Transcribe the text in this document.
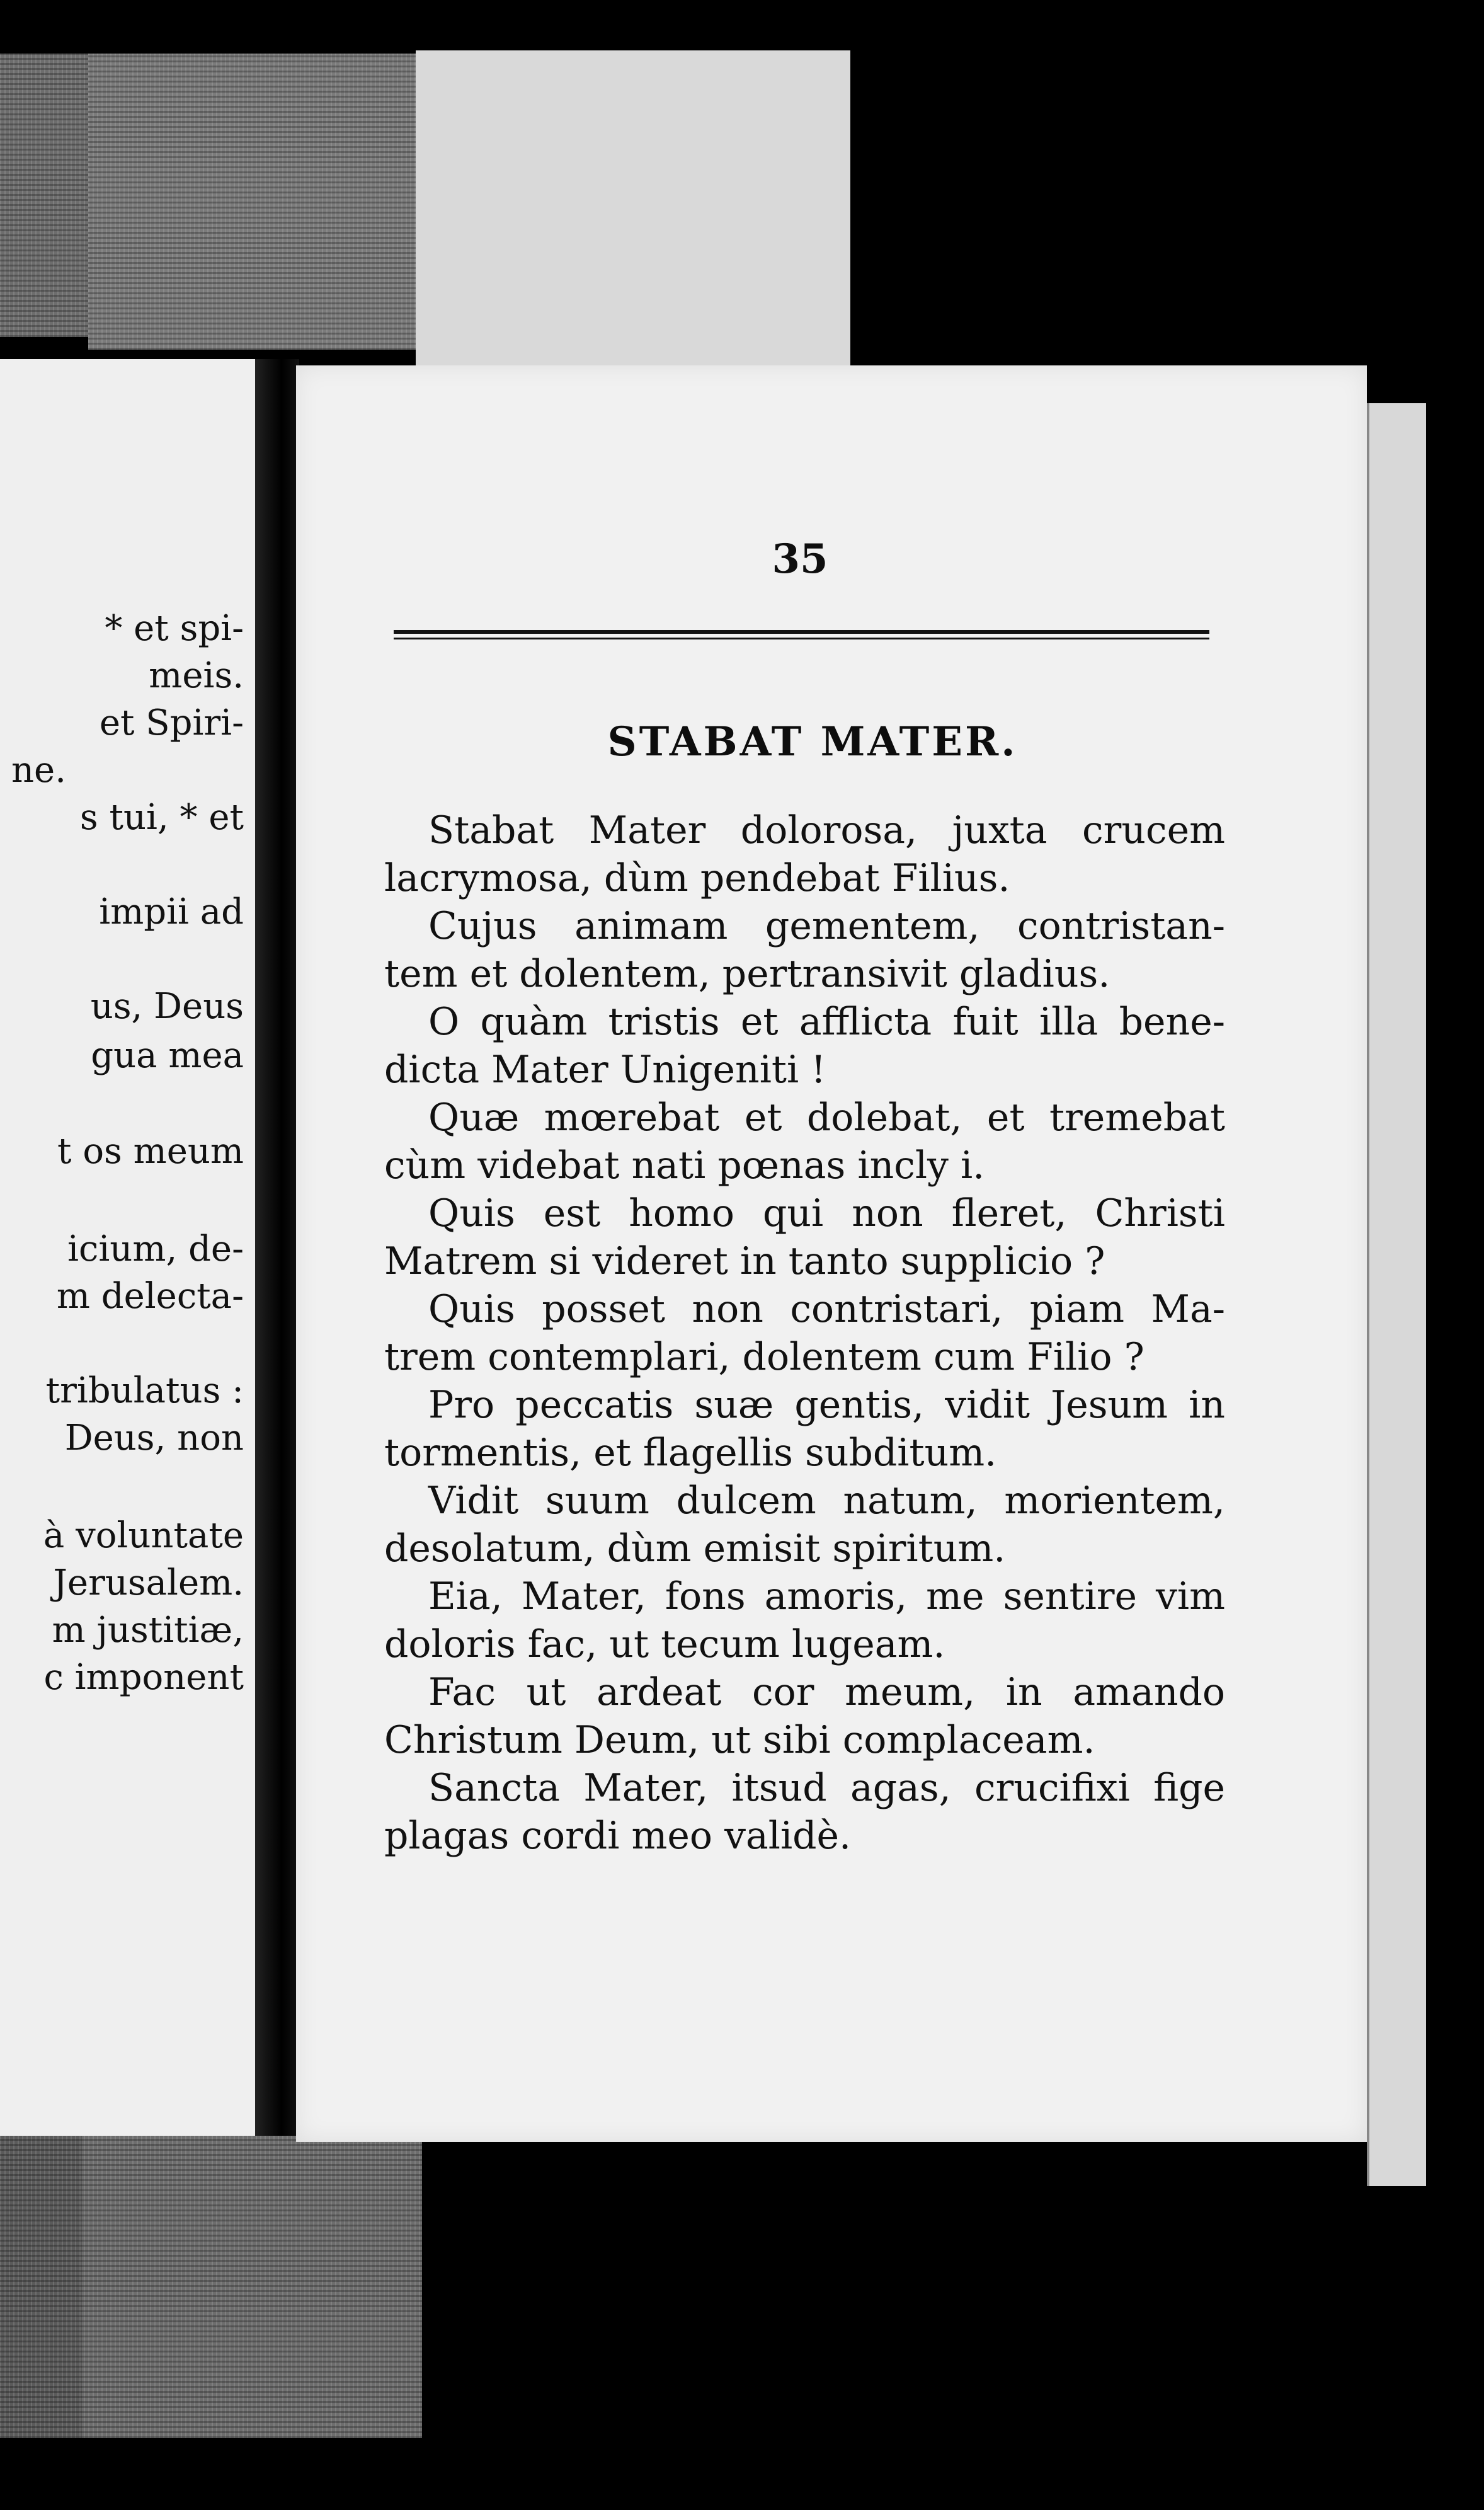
* et spi-
meis.
et Spiri-
ne.
s tui, * et
impii ad
us, Deus
gua mea
t os meum
icium, de-
m delecta-
tribulatus :
Deus, non
à voluntate
Jerusalem.
m justitiæ,
c imponent
35
STABAT MATER.
Stabat Mater dolorosa, juxta crucem
lacrymosa, dùm pendebat Filius.
Cujus animam gementem, contristan-
tem et dolentem, pertransivit gladius.
O quàm tristis et afflicta fuit illa bene-
dicta Mater Unigeniti !
Quæ mœrebat et dolebat, et tremebat
cùm videbat nati pœnas incly i.
Quis est homo qui non fleret, Christi
Matrem si videret in tanto supplicio ?
Quis posset non contristari, piam Ma-
trem contemplari, dolentem cum Filio ?
Pro peccatis suæ gentis, vidit Jesum in
tormentis, et flagellis subditum.
Vidit suum dulcem natum, morientem,
desolatum, dùm emisit spiritum.
Eia, Mater, fons amoris, me sentire vim
doloris fac, ut tecum lugeam.
Fac ut ardeat cor meum, in amando
Christum Deum, ut sibi complaceam.
Sancta Mater, itsud agas, crucifixi fige
plagas cordi meo validè.
